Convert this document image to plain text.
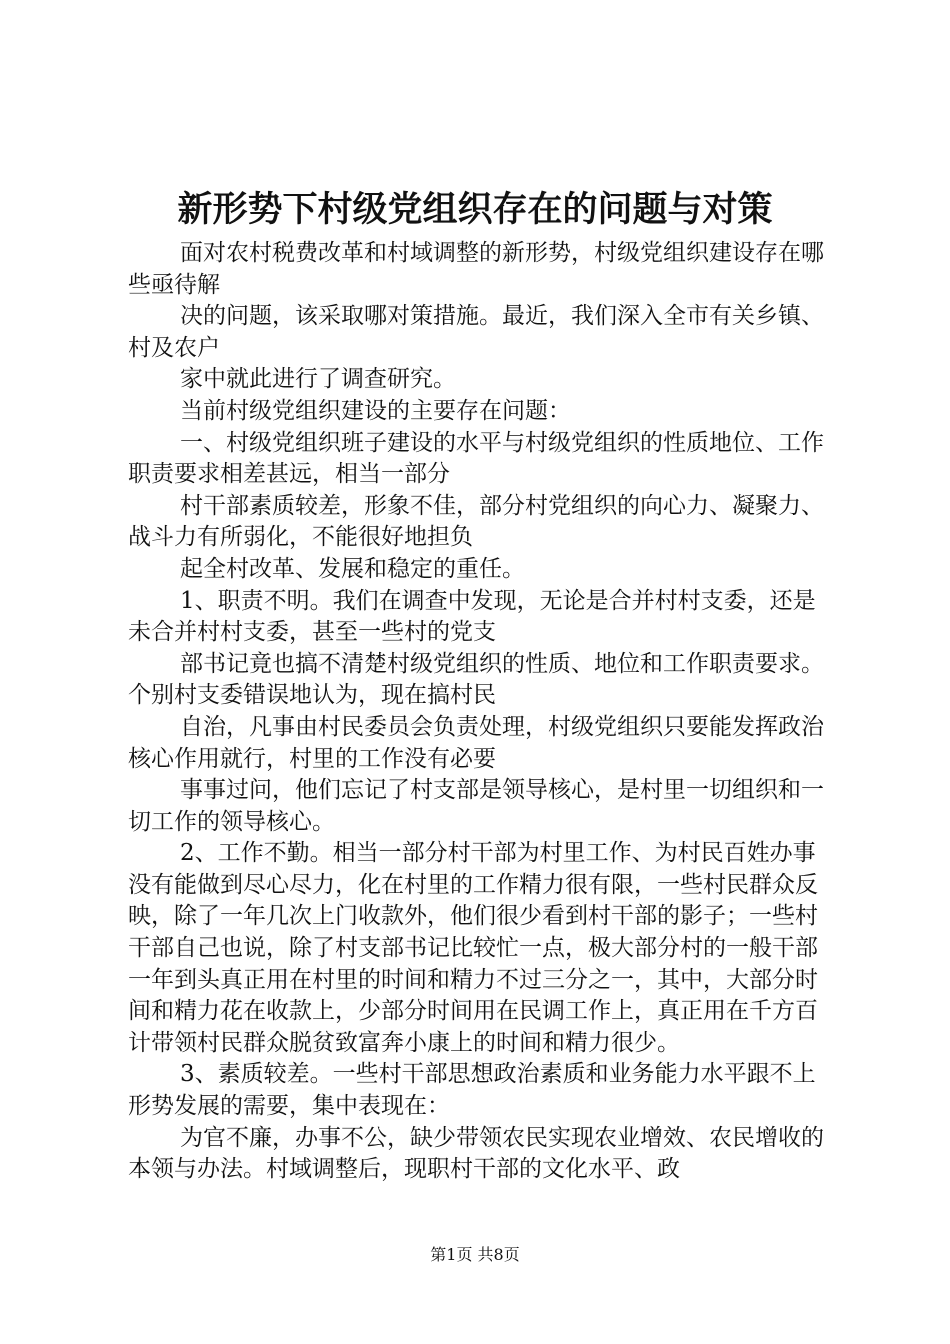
新形势下村级党组织存在的问题与对策

面对农村税费改革和村域调整的新形势，村级党组织建设存在哪些亟待解

决的问题，该采取哪对策措施。最近，我们深入全市有关乡镇、村及农户

家中就此进行了调查研究。

当前村级党组织建设的主要存在问题：

一、村级党组织班子建设的水平与村级党组织的性质地位、工作职责要求相差甚远，相当一部分

村干部素质较差，形象不佳，部分村党组织的向心力、凝聚力、战斗力有所弱化，不能很好地担负

起全村改革、发展和稳定的重任。

1、职责不明。我们在调查中发现，无论是合并村村支委，还是未合并村村支委，甚至一些村的党支

部书记竟也搞不清楚村级党组织的性质、地位和工作职责要求。个别村支委错误地认为，现在搞村民

自治，凡事由村民委员会负责处理，村级党组织只要能发挥政治核心作用就行，村里的工作没有必要

事事过问，他们忘记了村支部是领导核心，是村里一切组织和一切工作的领导核心。

2、工作不勤。相当一部分村干部为村里工作、为村民百姓办事没有能做到尽心尽力，化在村里的工作精力很有限，一些村民群众反映，除了一年几次上门收款外，他们很少看到村干部的影子；一些村干部自己也说，除了村支部书记比较忙一点，极大部分村的一般干部一年到头真正用在村里的时间和精力不过三分之一，其中，大部分时间和精力花在收款上，少部分时间用在民调工作上，真正用在千方百计带领村民群众脱贫致富奔小康上的时间和精力很少。

3、素质较差。一些村干部思想政治素质和业务能力水平跟不上形势发展的需要，集中表现在：

为官不廉，办事不公，缺少带领农民实现农业增效、农民增收的本领与办法。村域调整后，现职村干部的文化水平、政

第1页 共8页
